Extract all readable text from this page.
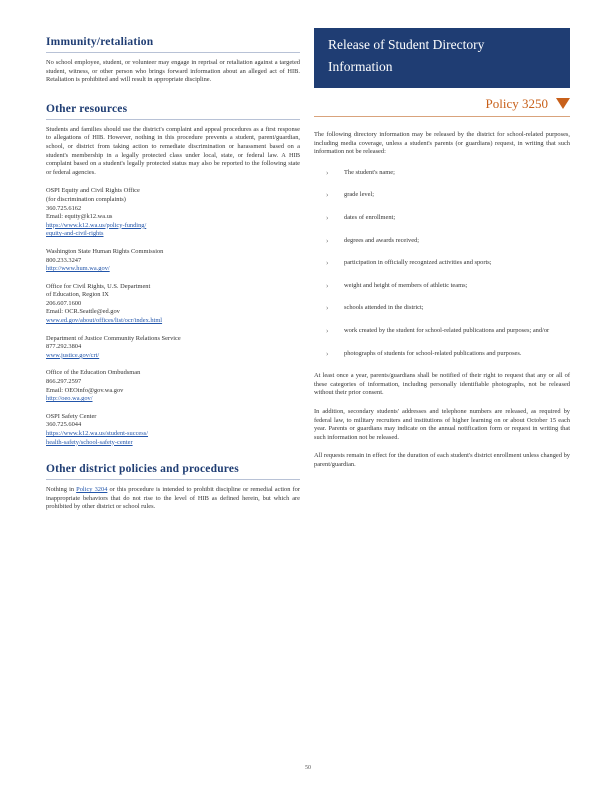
Immunity/retaliation

No school employee, student, or volunteer may engage in reprisal or retaliation against a targeted student, witness, or other person who brings forward information about an alleged act of HIB. Retaliation is prohibited and will result in appropriate discipline.

Other resources

Students and families should use the district's complaint and appeal procedures as a first response to allegations of HIB. However, nothing in this procedure prevents a student, parent/guardian, school, or district from taking action to remediate discrimination or harassment based on a student's membership in a legally protected class under local, state, or federal law. A HIB complaint based on a student's legally protected status may also be reported to the following state or federal agencies.

OSPI Equity and Civil Rights Office
(for discrimination complaints)
360.725.6162
Email: equity@k12.wa.us
https://www.k12.wa.us/policy-funding/
equity-and-civil-rights
Washington State Human Rights Commission
800.233.3247
http://www.hum.wa.gov/
Office for Civil Rights, U.S. Department
of Education, Region IX
206.607.1600
Email: OCR.Seattle@ed.gov
www.ed.gov/about/offices/list/ocr/index.html
Department of Justice Community Relations Service
877.292.3804
www.justice.gov/crt/
Office of the Education Ombudsman
866.297.2597
Email: OEOinfo@gov.wa.gov
http://oeo.wa.gov/
OSPI Safety Center
360.725.6044
https://www.k12.wa.us/student-success/
health-safety/school-safety-center
Other district policies and procedures

Nothing in Policy 3204 or this procedure is intended to prohibit discipline or remedial action for inappropriate behaviors that do not rise to the level of HIB as defined herein, but which are prohibited by other district or school rules.

Release of Student Directory
Information
Policy 3250

The following directory information may be released by the district for school-related purposes, including media coverage, unless a student's parents (or guardians) request, in writing that such information not be released:

› The student's name;
› grade level;
› dates of enrollment;
› degrees and awards received;
› participation in officially recognized activities and sports;
› weight and height of members of athletic teams;
› schools attended in the district;
› work created by the student for school-related publications and purposes; and/or
› photographs of students for school-related publications and purposes.

At least once a year, parents/guardians shall be notified of their right to request that any or all of these categories of information, including personally identifiable photographs, not be released without their prior consent.

In addition, secondary students' addresses and telephone numbers are released, as required by federal law, to military recruiters and institutions of higher learning on or about October 15 each year. Parents or guardians may indicate on the annual notification form or request in writing that such information not be released.

All requests remain in effect for the duration of each student's district enrollment unless changed by parent/guardian.

50
